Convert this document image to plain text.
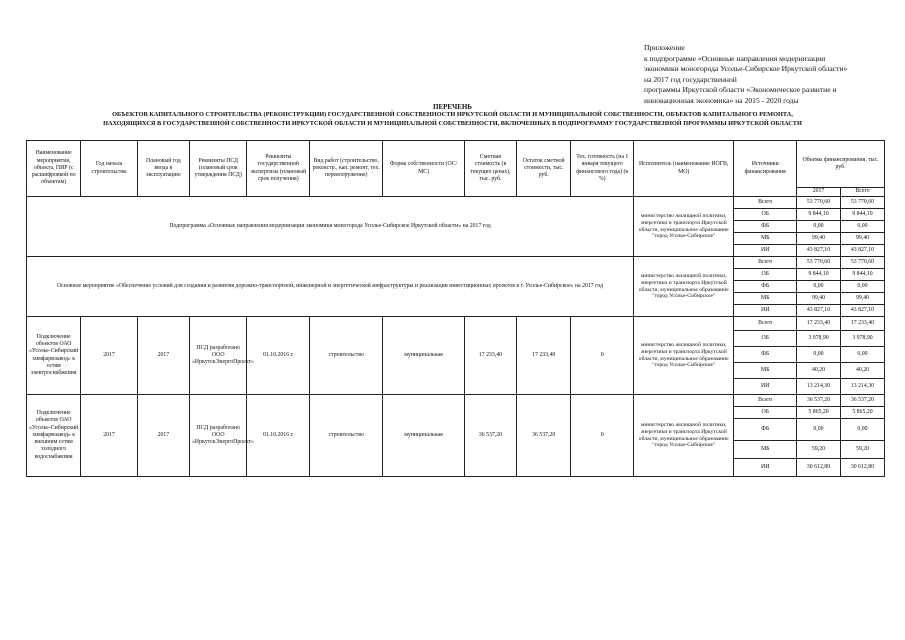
Приложение
к подпрограмме «Основные направления модернизации
экономики моногорода Усолье-Сибирское Иркутской области»
на 2017 год государственной
программы Иркутской области «Экономическое развитие и
инновационная экономика» на 2015 - 2020 годы
ПЕРЕЧЕНЬ
ОБЪЕКТОВ КАПИТАЛЬНОГО СТРОИТЕЛЬСТВА (РЕКОНСТРУКЦИИ) ГОСУДАРСТВЕННОЙ СОБСТВЕННОСТИ ИРКУТСКОЙ ОБЛАСТИ И МУНИЦИПАЛЬНОЙ СОБСТВЕННОСТИ, ОБЪЕКТОВ КАПИТАЛЬНОГО РЕМОНТА,
НАХОДЯЩИХСЯ В ГОСУДАРСТВЕННОЙ СОБСТВЕННОСТИ ИРКУТСКОЙ ОБЛАСТИ И МУНИЦИПАЛЬНОЙ СОБСТВЕННОСТИ, ВКЛЮЧЕННЫХ В ПОДПРОГРАММУ ГОСУДАРСТВЕННОЙ ПРОГРАММЫ ИРКУТСКОЙ ОБЛАСТИ
Наименование мероприятия, объекта, ПИР (с расшифровкой по объектам)	Год начала строительства	Плановый год ввода в эксплуатацию	Реквизиты ПСД (плановый срок утверждения ПСД)	Реквизиты государственной экспертизы (плановый срок получения)	Вид работ (строительство, реконстр., кап. ремонт, тех. перевооружение)	Форма собственности (ОС/ МС)	Сметная стоимость (в текущих ценах), тыс. руб.	Остаток сметной стоимости, тыс. руб.	Тех. готовность (на 1 января текущего финансового года) (в %)	Исполнитель (наименование ИОГВ, МО)	Источники финансирования	Объемы финансирования, тыс. руб.	
												2017	Всего
Подпрограмма «Основные направления модернизации экономики моногорода Усолье-Сибирское Иркутской области» на 2017 год										министерство жилищной политики, энергетики и транспорта Иркутской области, муниципальное образование "город Усолье-Сибирское"	Всего	53 770,60	53 770,60
											ОБ	9 844,10	9 844,10
											ФБ	0,00	0,00
											МБ	99,40	99,40
											ИИ	43 827,10	43 827,10
Основное мероприятие «Обеспечение условий для создания и развития дорожно-транспортной, инженерной и энергетической инфраструктуры и реализации инвестиционных проектов в г. Усолье-Сибирское» на 2017 год										министерство жилищной политики, энергетики и транспорта Иркутской области, муниципальное образование "город Усолье-Сибирское"	Всего	53 770,60	53 770,60
											ОБ	9 844,10	9 844,10
											ФБ	0,00	0,00
											МБ	99,40	99,40
											ИИ	43 827,10	43 827,10
Подключение объектов ОАО «Усолье-Сибирский химфармзавод» к сетям электроснабжения	2017	2017	ПСД разработано ООО «ИркутскЭнергоПроект»	01.10.2016 г.	строительство	муниципальная	17 233,40	17 233,40	0	министерство жилищной политики, энергетики и транспорта Иркутской области, муниципальное образование "город Усолье-Сибирское"	Всего	17 233,40	17 233,40
											ОБ	3 978,90	3 978,90
											ФБ	0,00	0,00
											МБ	40,20	40,20
											ИИ	13 214,30	13 214,30
Подключение объектов ОАО «Усолье-Сибирский химфармзавод» к внешним сетям холодного водоснабжения	2017	2017	ПСД разработано ООО «ИркутскЭнергоПроект»	01.10.2016 г.	строительство	муниципальная	36 537,20	36 537,20	0	министерство жилищной политики, энергетики и транспорта Иркутской области, муниципальное образование "город Усолье-Сибирское"	Всего	36 537,20	36 537,20
											ОБ	5 865,20	5 865,20
											ФБ	0,00	0,00
											МБ	59,20	59,20
											ИИ	30 612,80	30 612,80
